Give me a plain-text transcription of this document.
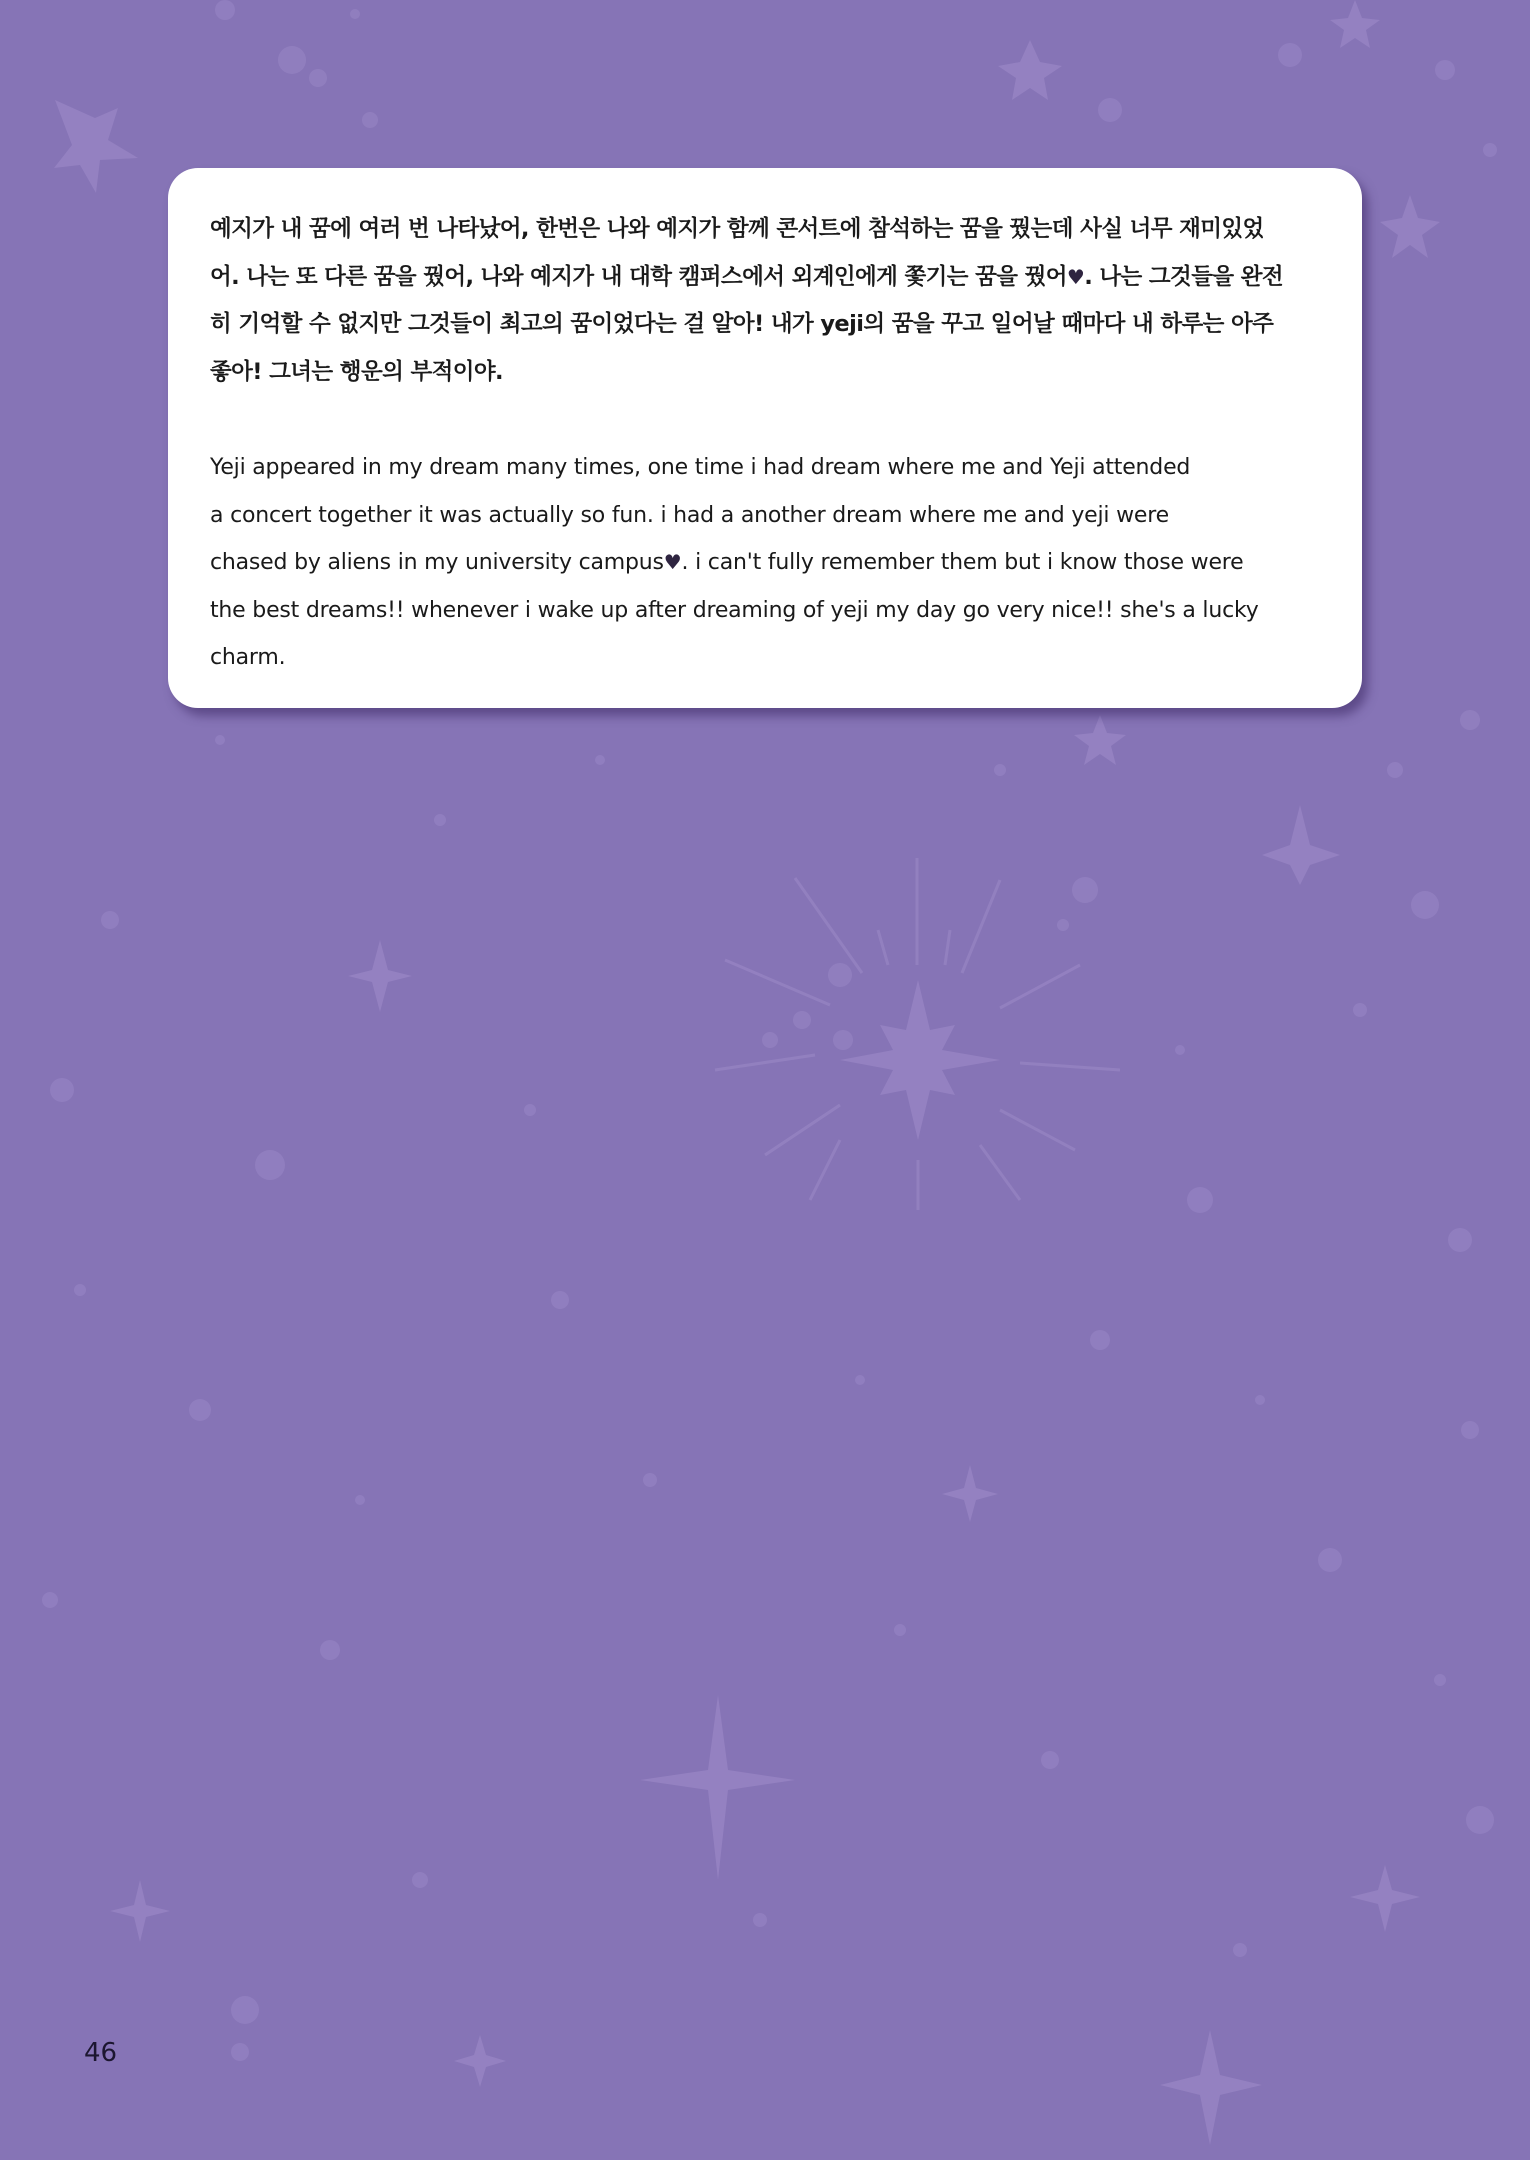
예지가 내 꿈에 여러 번 나타났어, 한번은 나와 예지가 함께 콘서트에 참석하는 꿈을 꿨는데 사실 너무 재미있었
어. 나는 또 다른 꿈을 꿨어, 나와 예지가 내 대학 캠퍼스에서 외계인에게 쫓기는 꿈을 꿨어♥. 나는 그것들을 완전
히 기억할 수 없지만 그것들이 최고의 꿈이었다는 걸 알아! 내가 yeji의 꿈을 꾸고 일어날 때마다 내 하루는 아주
좋아! 그녀는 행운의 부적이야.

Yeji appeared in my dream many times, one time i had dream where me and Yeji attended
a concert together it was actually so fun. i had a another dream where me and yeji were
chased by aliens in my university campus♥. i can't fully remember them but i know those were
the best dreams!! whenever i wake up after dreaming of yeji my day go very nice!! she's a lucky
charm.

46
